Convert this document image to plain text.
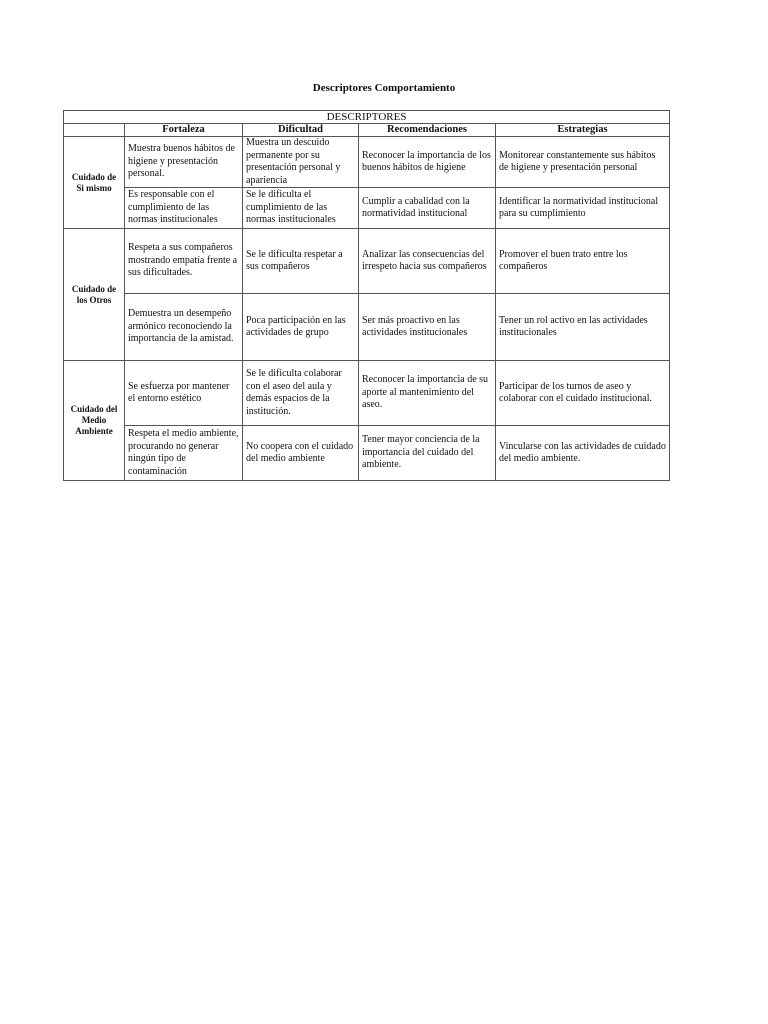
Descriptores Comportamiento
DESCRIPTORES				
	Fortaleza	Dificultad	Recomendaciones	Estrategias
Cuidado de Si mismo	Muestra buenos hábitos de higiene y presentación personal.	Muestra un descuido permanente por su presentación personal y apariencia	Reconocer la importancia de los buenos hábitos de higiene	Monitorear constantemente sus hábitos de higiene y presentación personal
	Es responsable con el cumplimiento de las normas institucionales	Se le dificulta el cumplimiento de las normas institucionales	Cumplir a cabalidad con la normatividad institucional	Identificar la normatividad institucional para su cumplimiento
Cuidado de los Otros	Respeta a sus compañeros mostrando empatía frente a sus dificultades.	Se le dificulta respetar a sus compañeros	Analizar las consecuencias del irrespeto hacia sus compañeros	Promover el buen trato entre los compañeros
	Demuestra un desempeño armónico reconociendo la importancia de la amistad.	Poca participación en las actividades de grupo	Ser más proactivo en las actividades institucionales	Tener un rol activo en las actividades institucionales
Cuidado del Medio Ambiente	Se esfuerza por mantener el entorno estético	Se le dificulta colaborar con el aseo del aula y demás espacios de la institución.	Reconocer la importancia de su aporte al mantenimiento del aseo.	Participar de los turnos de aseo y colaborar con el cuidado institucional.
	Respeta el medio ambiente, procurando no generar ningún tipo de contaminación	No coopera con el cuidado del medio ambiente	Tener mayor conciencia de la importancia del cuidado del ambiente.	Vincularse con las actividades de cuidado del medio ambiente.
